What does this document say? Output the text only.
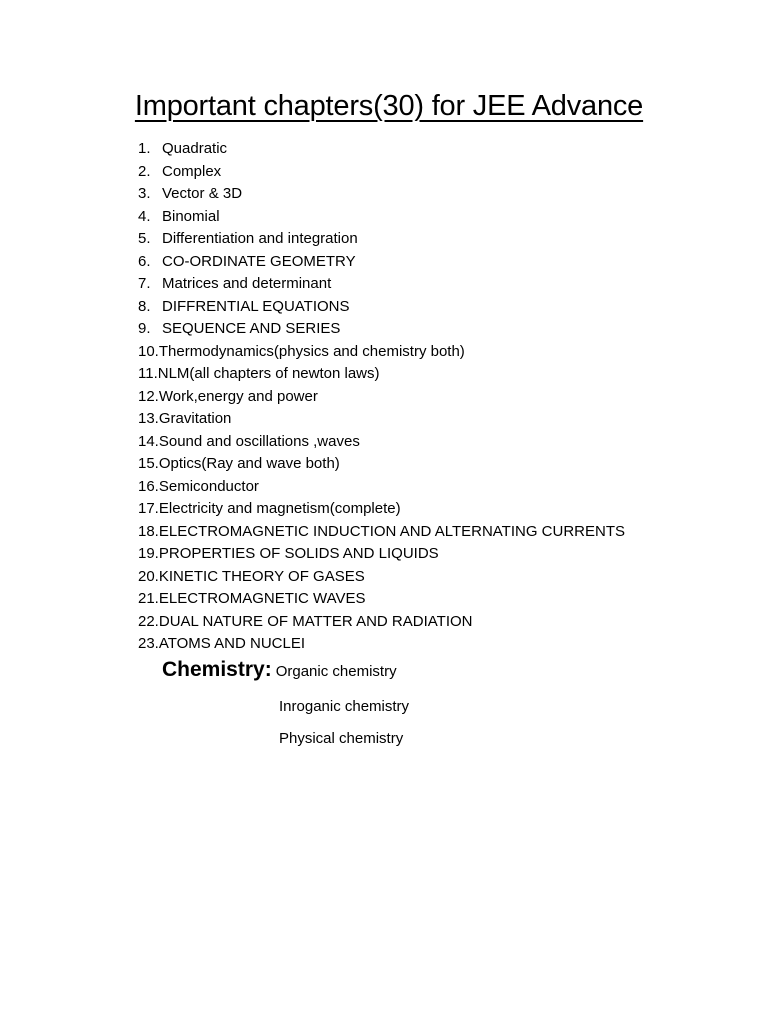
Important chapters(30) for JEE Advance
1. Quadratic
2. Complex
3. Vector & 3D
4. Binomial
5. Differentiation and integration
6. CO-ORDINATE GEOMETRY
7. Matrices and determinant
8. DIFFRENTIAL EQUATIONS
9. SEQUENCE AND SERIES
10.Thermodynamics(physics and chemistry both)
11.NLM(all chapters of newton laws)
12.Work,energy and power
13.Gravitation
14.Sound and oscillations ,waves
15.Optics(Ray and wave both)
16.Semiconductor
17.Electricity and magnetism(complete)
18.ELECTROMAGNETIC INDUCTION AND ALTERNATING CURRENTS
19.PROPERTIES OF SOLIDS AND LIQUIDS
20.KINETIC THEORY OF GASES
21.ELECTROMAGNETIC WAVES
22.DUAL NATURE OF MATTER AND RADIATION
23.ATOMS AND NUCLEI
Chemistry: Organic chemistry
Inroganic chemistry
Physical chemistry
